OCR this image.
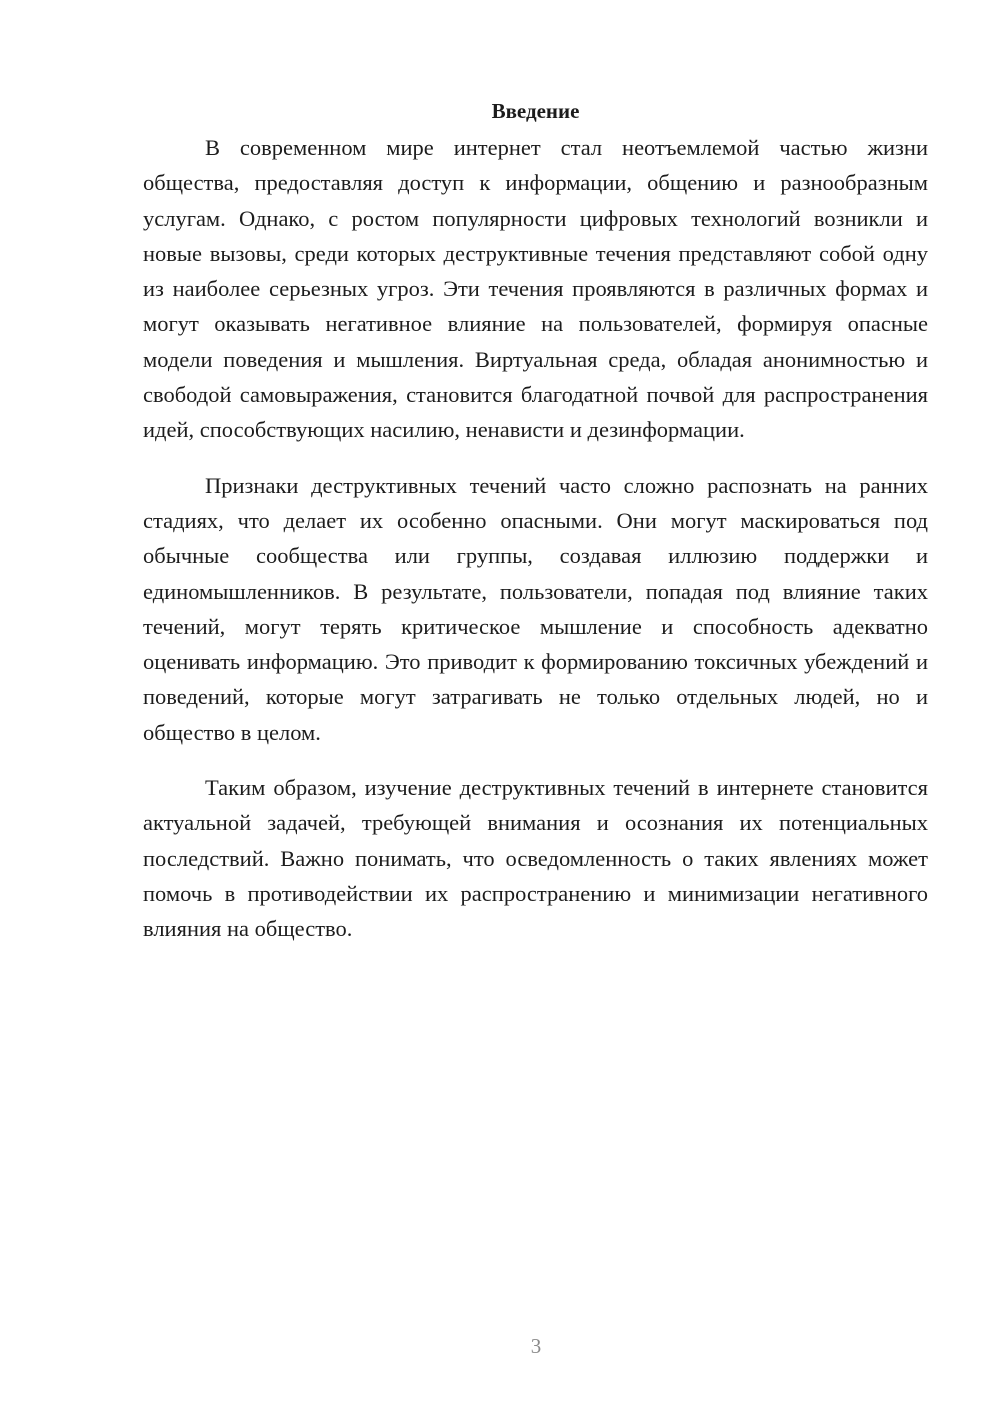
Введение

В современном мире интернет стал неотъемлемой частью жизни общества, предоставляя доступ к информации, общению и разнообразным услугам. Однако, с ростом популярности цифровых технологий возникли и новые вызовы, среди которых деструктивные течения представляют собой одну из наиболее серьезных угроз. Эти течения проявляются в различных формах и могут оказывать негативное влияние на пользователей, формируя опасные модели поведения и мышления. Виртуальная среда, обладая анонимностью и свободой самовыражения, становится благодатной почвой для распространения идей, способствующих насилию, ненависти и дезинформации.

Признаки деструктивных течений часто сложно распознать на ранних стадиях, что делает их особенно опасными. Они могут маскироваться под обычные сообщества или группы, создавая иллюзию поддержки и единомышленников. В результате, пользователи, попадая под влияние таких течений, могут терять критическое мышление и способность адекватно оценивать информацию. Это приводит к формированию токсичных убеждений и поведений, которые могут затрагивать не только отдельных людей, но и общество в целом.

Таким образом, изучение деструктивных течений в интернете становится актуальной задачей, требующей внимания и осознания их потенциальных последствий. Важно понимать, что осведомленность о таких явлениях может помочь в противодействии их распространению и минимизации негативного влияния на общество.

3
